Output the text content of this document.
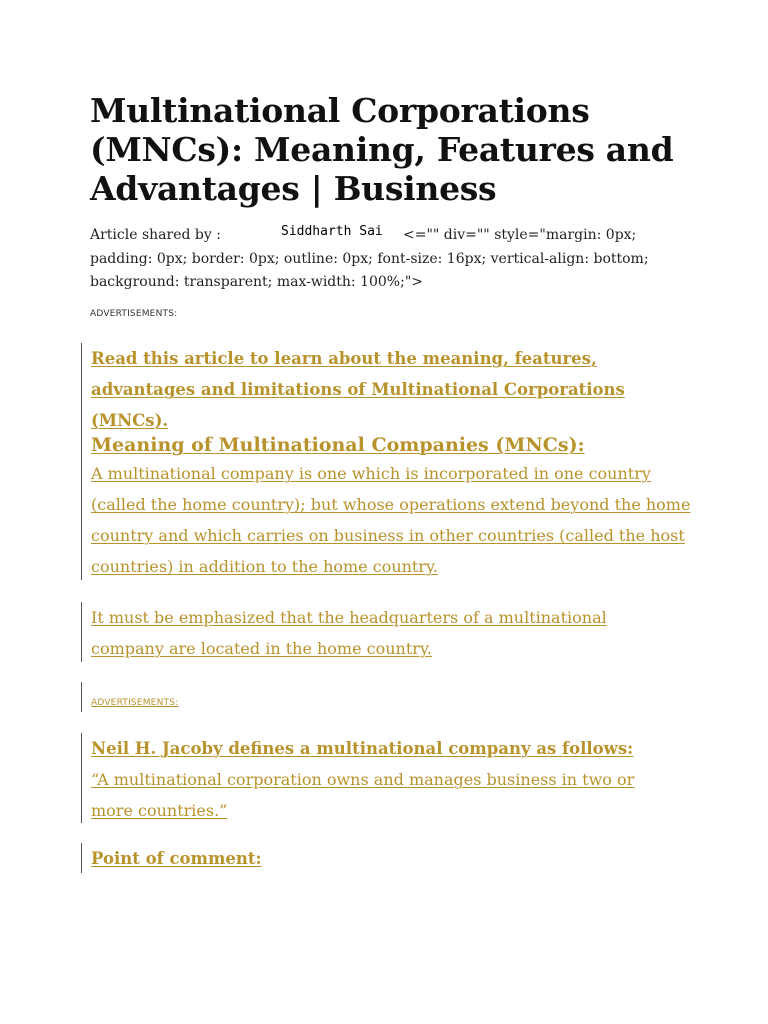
Multinational Corporations (MNCs): Meaning, Features and Advantages | Business
Article shared by :	Siddharth Sai <="" div="" style="margin: 0px;
padding: 0px; border: 0px; outline: 0px; font-size: 16px; vertical-align: bottom; background: transparent; max-width: 100%;">
ADVERTISEMENTS:

Read this article to learn about the meaning, features, advantages and limitations of Multinational Corporations (MNCs).

Meaning of Multinational Companies (MNCs):

A multinational company is one which is incorporated in one country (called the home country); but whose operations extend beyond the home country and which carries on business in other countries (called the host countries) in addition to the home country.

It must be emphasized that the headquarters of a multinational company are located in the home country.

ADVERTISEMENTS:

Neil H. Jacoby defines a multinational company as follows:

“A multinational corporation owns and manages business in two or more countries.”

Point of comment:
